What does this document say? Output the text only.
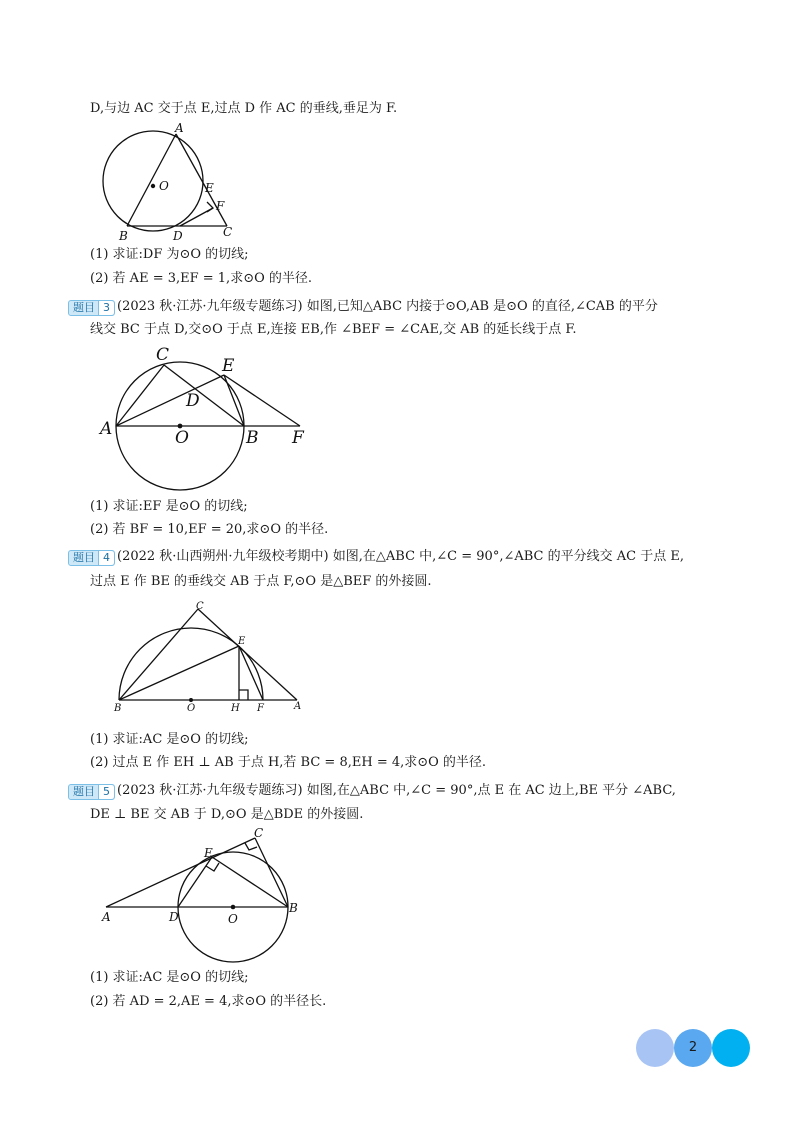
D,与边 AC 交于点 E,过点 D 作 AC 的垂线,垂足为 F.
A
O	E
F
B	D	C
(1) 求证:DF 为⊙O 的切线;
(2) 若 AE = 3,EF = 1,求⊙O 的半径.
题目 3 (2023 秋·江苏·九年级专题练习) 如图,已知△ABC 内接于⊙O,AB 是⊙O 的直径,∠CAB 的平分
线交 BC 于点 D,交⊙O 于点 E,连接 EB,作 ∠BEF = ∠CAE,交 AB 的延长线于点 F.
C
E
D
A	O	B F
(1) 求证:EF 是⊙O 的切线;
(2) 若 BF = 10,EF = 20,求⊙O 的半径.
题目 4 (2022 秋·山西朔州·九年级校考期中) 如图,在△ABC 中,∠C = 90°,∠ABC 的平分线交 AC 于点 E,
过点 E 作 BE 的垂线交 AB 于点 F,⊙O 是△BEF 的外接圆.
C
E
B	O	H F	A
(1) 求证:AC 是⊙O 的切线;
(2) 过点 E 作 EH ⊥ AB 于点 H,若 BC = 8,EH = 4,求⊙O 的半径.
题目 5 (2023 秋·江苏·九年级专题练习) 如图,在△ABC 中,∠C = 90°,点 E 在 AC 边上,BE 平分 ∠ABC,
DE ⊥ BE 交 AB 于 D,⊙O 是△BDE 的外接圆.
C
E
A	D	O
B
(1) 求证:AC 是⊙O 的切线;
(2) 若 AD = 2,AE = 4,求⊙O 的半径长.
2
